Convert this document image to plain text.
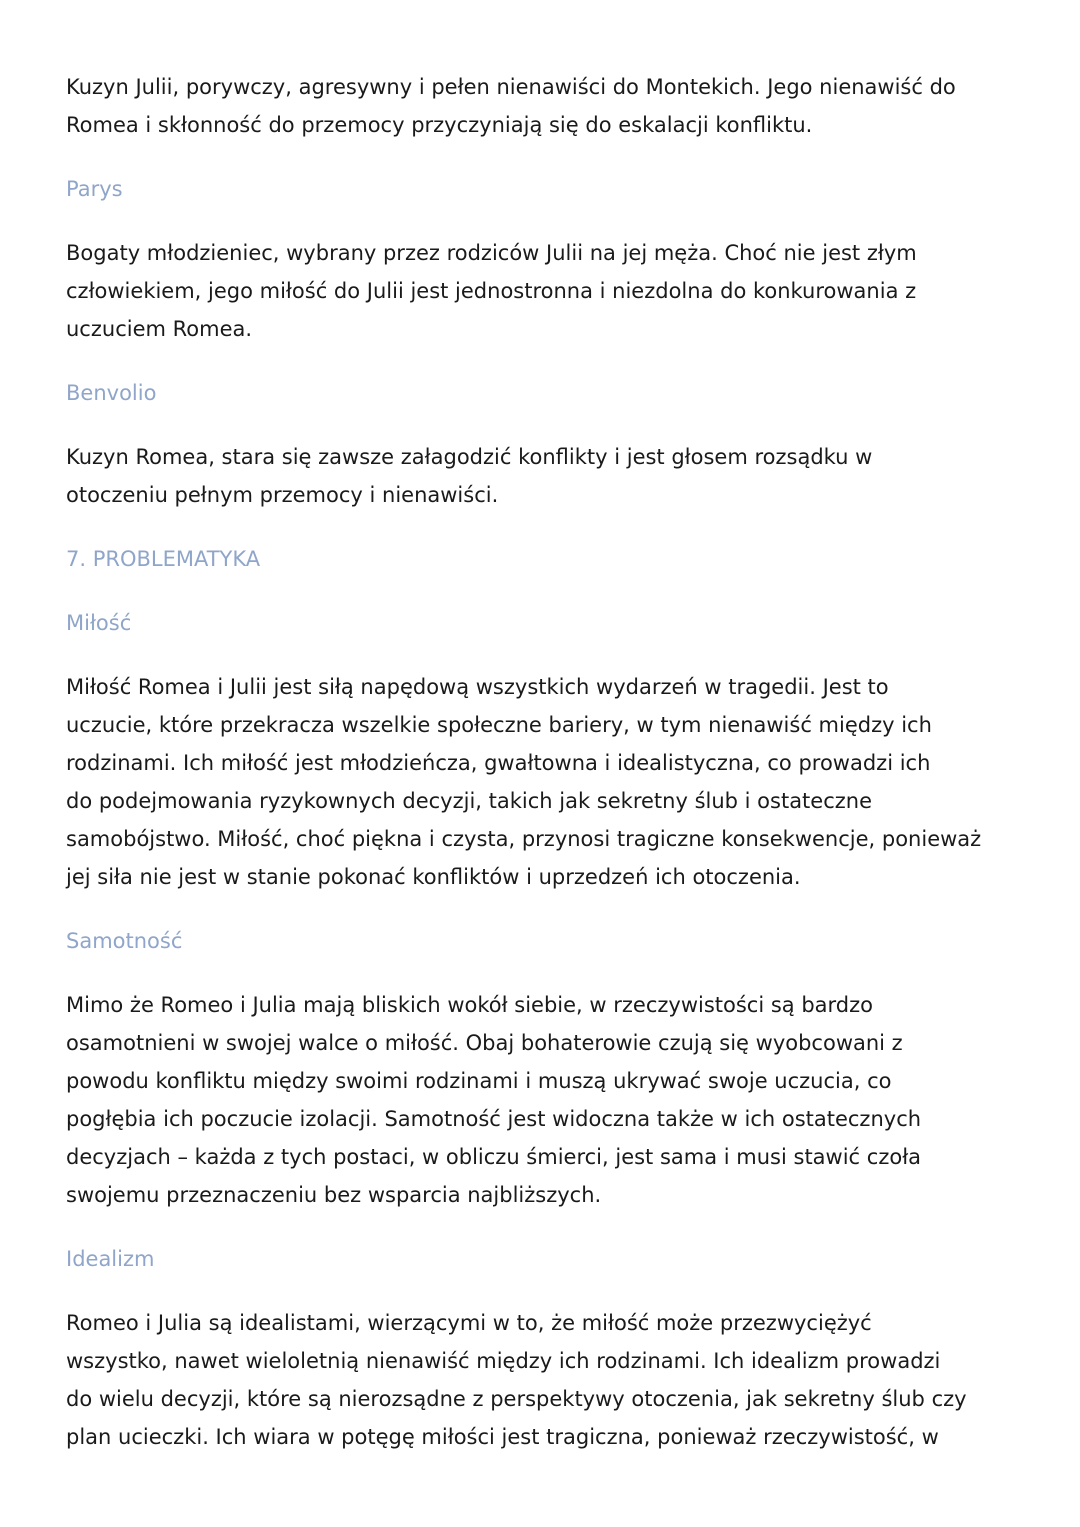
Kuzyn Julii, porywczy, agresywny i pełen nienawiści do Montekich. Jego nienawiść do
Romea i skłonność do przemocy przyczyniają się do eskalacji konfliktu.
Parys
Bogaty młodzieniec, wybrany przez rodziców Julii na jej męża. Choć nie jest złym
człowiekiem, jego miłość do Julii jest jednostronna i niezdolna do konkurowania z
uczuciem Romea.
Benvolio
Kuzyn Romea, stara się zawsze załagodzić konflikty i jest głosem rozsądku w
otoczeniu pełnym przemocy i nienawiści.
7. PROBLEMATYKA
Miłość
Miłość Romea i Julii jest siłą napędową wszystkich wydarzeń w tragedii. Jest to
uczucie, które przekracza wszelkie społeczne bariery, w tym nienawiść między ich
rodzinami. Ich miłość jest młodzieńcza, gwałtowna i idealistyczna, co prowadzi ich
do podejmowania ryzykownych decyzji, takich jak sekretny ślub i ostateczne
samobójstwo. Miłość, choć piękna i czysta, przynosi tragiczne konsekwencje, ponieważ
jej siła nie jest w stanie pokonać konfliktów i uprzedzeń ich otoczenia.
Samotność
Mimo że Romeo i Julia mają bliskich wokół siebie, w rzeczywistości są bardzo
osamotnieni w swojej walce o miłość. Obaj bohaterowie czują się wyobcowani z
powodu konfliktu między swoimi rodzinami i muszą ukrywać swoje uczucia, co
pogłębia ich poczucie izolacji. Samotność jest widoczna także w ich ostatecznych
decyzjach – każda z tych postaci, w obliczu śmierci, jest sama i musi stawić czoła
swojemu przeznaczeniu bez wsparcia najbliższych.
Idealizm
Romeo i Julia są idealistami, wierzącymi w to, że miłość może przezwyciężyć
wszystko, nawet wieloletnią nienawiść między ich rodzinami. Ich idealizm prowadzi
do wielu decyzji, które są nierozsądne z perspektywy otoczenia, jak sekretny ślub czy
plan ucieczki. Ich wiara w potęgę miłości jest tragiczna, ponieważ rzeczywistość, w
